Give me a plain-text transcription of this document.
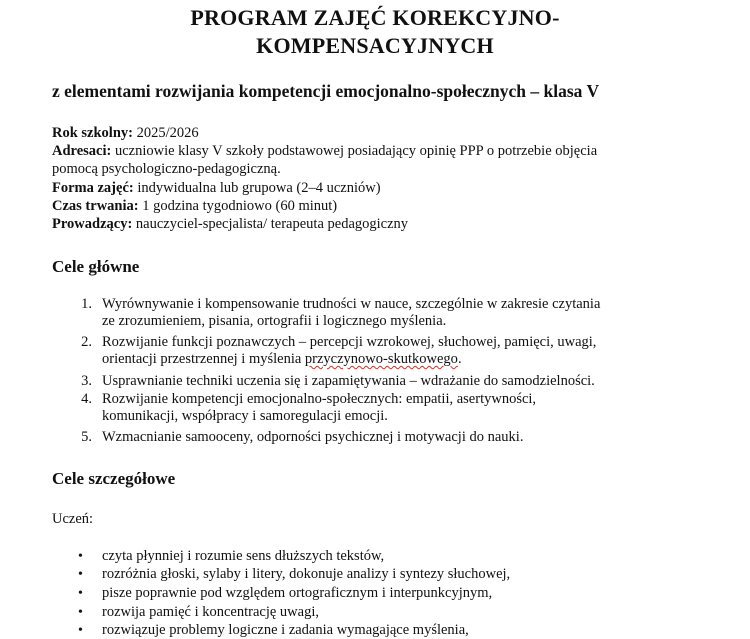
PROGRAM ZAJĘĆ KOREKCYJNO-
KOMPENSACYJNYCH
z elementami rozwijania kompetencji emocjonalno-społecznych – klasa V
Rok szkolny: 2025/2026
Adresaci: uczniowie klasy V szkoły podstawowej posiadający opinię PPP o potrzebie objęcia
pomocą psychologiczno-pedagogiczną.
Forma zajęć: indywidualna lub grupowa (2–4 uczniów)
Czas trwania: 1 godzina tygodniowo (60 minut)
Prowadzący: nauczyciel-specjalista/ terapeuta pedagogiczny
Cele główne
1. Wyrównywanie i kompensowanie trudności w nauce, szczególnie w zakresie czytania
ze zrozumieniem, pisania, ortografii i logicznego myślenia.
2. Rozwijanie funkcji poznawczych – percepcji wzrokowej, słuchowej, pamięci, uwagi,
orientacji przestrzennej i myślenia przyczynowo-skutkowego.
3. Usprawnianie techniki uczenia się i zapamiętywania – wdrażanie do samodzielności.
4. Rozwijanie kompetencji emocjonalno-społecznych: empatii, asertywności,
komunikacji, współpracy i samoregulacji emocji.
5. Wzmacnianie samooceny, odporności psychicznej i motywacji do nauki.
Cele szczegółowe
Uczeń:
• czyta płynniej i rozumie sens dłuższych tekstów,
• rozróżnia głoski, sylaby i litery, dokonuje analizy i syntezy słuchowej,
• pisze poprawnie pod względem ortograficznym i interpunkcyjnym,
• rozwija pamięć i koncentrację uwagi,
• rozwiązuje problemy logiczne i zadania wymagające myślenia,
